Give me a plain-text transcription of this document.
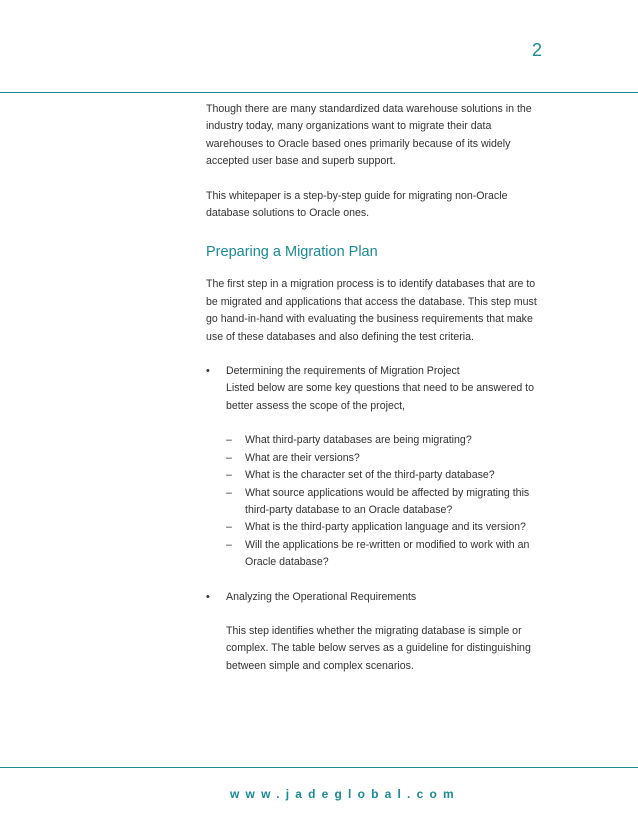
2

Though there are many standardized data warehouse solutions in the industry today, many organizations want to migrate their data warehouses to Oracle based ones primarily because of its widely accepted user base and superb support.

This whitepaper is a step-by-step guide for migrating non-Oracle database solutions to Oracle ones.

Preparing a Migration Plan

The first step in a migration process is to identify databases that are to be migrated and applications that access the database. This step must go hand-in-hand with evaluating the business requirements that make use of these databases and also defining the test criteria.

• Determining the requirements of Migration Project
Listed below are some key questions that need to be answered to better assess the scope of the project,
– What third-party databases are being migrating?
– What are their versions?
– What is the character set of the third-party database?
– What source applications would be affected by migrating this third-party database to an Oracle database?
– What is the third-party application language and its version?
– Will the applications be re-written or modified to work with an Oracle database?
• Analyzing the Operational Requirements

This step identifies whether the migrating database is simple or complex. The table below serves as a guideline for distinguishing between simple and complex scenarios.

www.jadeglobal.com
